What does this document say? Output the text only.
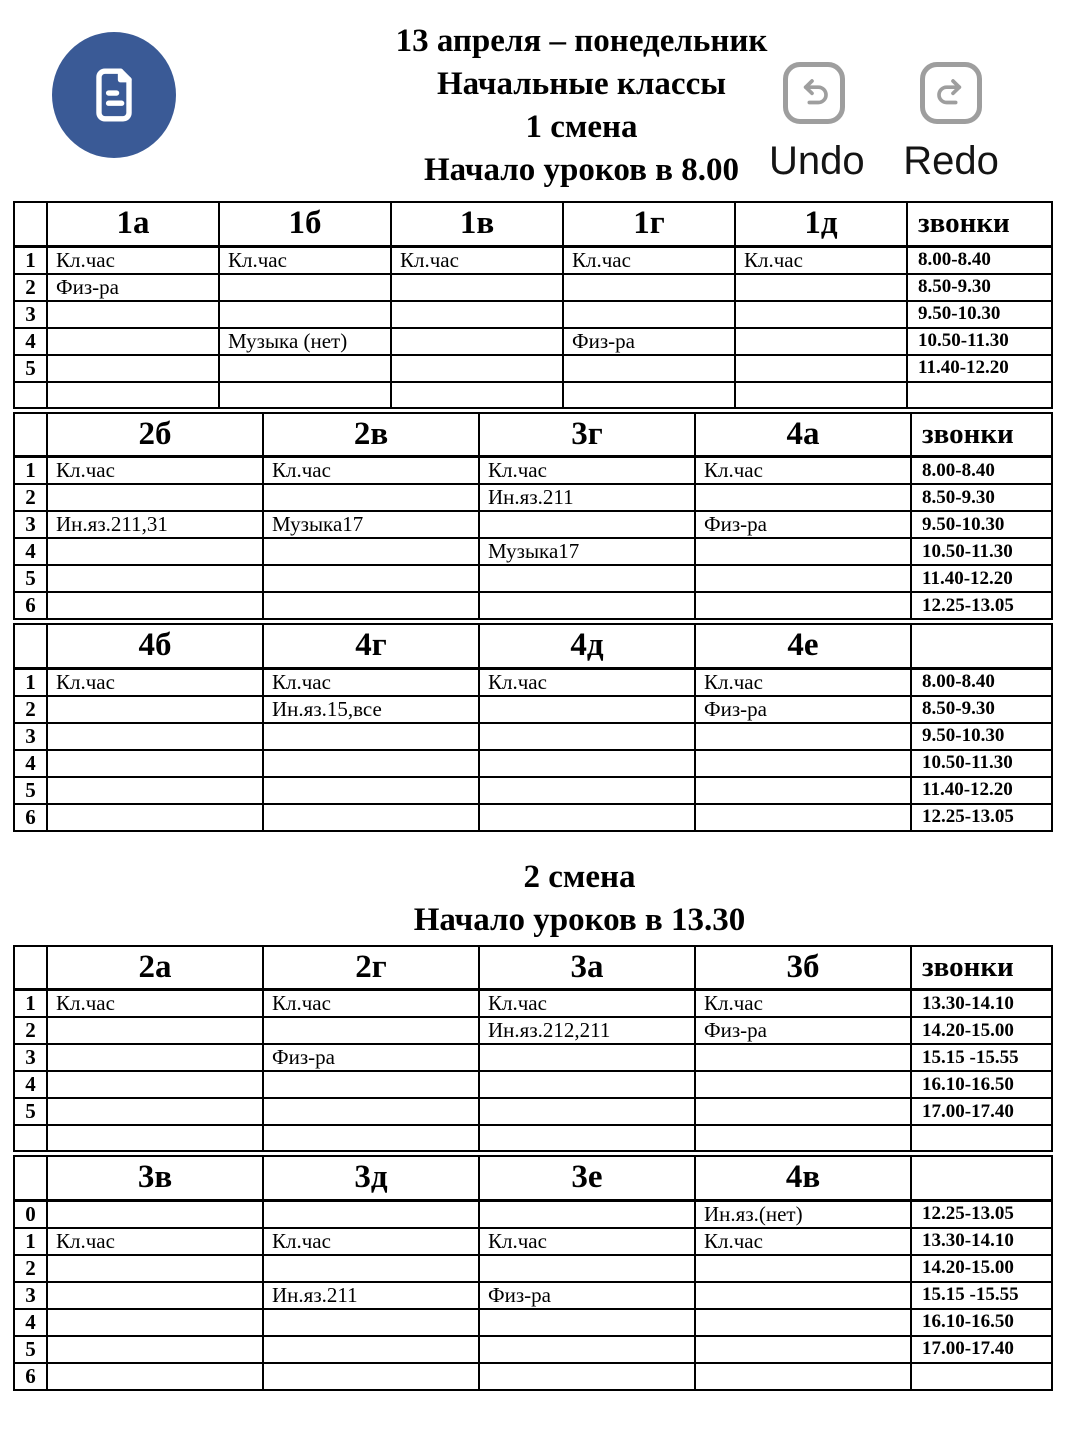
13 апреля – понедельник
Начальные классы
1 смена
Начало уроков в 8.00 Undo Redo
	1а	1б	1в	1г	1д	звонки
1	Кл.час	Кл.час	Кл.час	Кл.час	Кл.час	8.00-8.40
2	Физ-ра					8.50-9.30
3						9.50-10.30
4		Музыка (нет)		Физ-ра		10.50-11.30
5						11.40-12.20

	2б	2в	3г	4а	звонки
1	Кл.час	Кл.час	Кл.час	Кл.час	8.00-8.40
2			Ин.яз.211		8.50-9.30
3	Ин.яз.211,31	Музыка17		Физ-ра	9.50-10.30
4			Музыка17		10.50-11.30
5					11.40-12.20
6					12.25-13.05
	4б	4г	4д	4е	
1	Кл.час	Кл.час	Кл.час	Кл.час	8.00-8.40
2		Ин.яз.15,все		Физ-ра	8.50-9.30
3					9.50-10.30
4					10.50-11.30
5					11.40-12.20
6					12.25-13.05
2 смена
Начало уроков в 13.30
	2а	2г	3а	3б	звонки
1	Кл.час	Кл.час	Кл.час	Кл.час	13.30-14.10
2			Ин.яз.212,211	Физ-ра	14.20-15.00
3		Физ-ра			15.15 -15.55
4					16.10-16.50
5					17.00-17.40

	3в	3д	3е	4в	
0				Ин.яз.(нет)	12.25-13.05
1	Кл.час	Кл.час	Кл.час	Кл.час	13.30-14.10
2					14.20-15.00
3		Ин.яз.211	Физ-ра		15.15 -15.55
4					16.10-16.50
5					17.00-17.40
6					
